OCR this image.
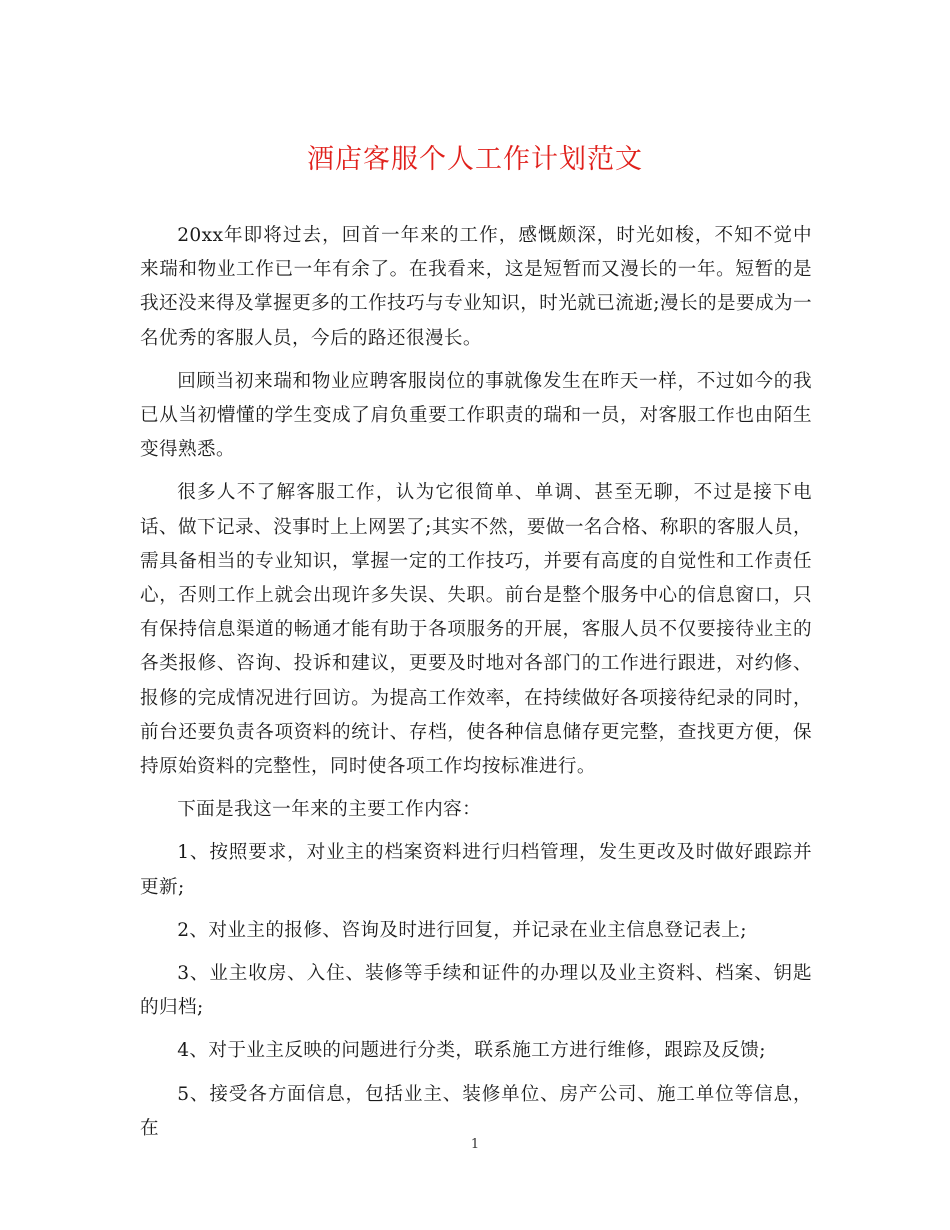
酒店客服个人工作计划范文

20xx年即将过去，回首一年来的工作，感慨颇深，时光如梭，不知不觉中来瑞和物业工作已一年有余了。在我看来，这是短暂而又漫长的一年。短暂的是我还没来得及掌握更多的工作技巧与专业知识，时光就已流逝;漫长的是要成为一名优秀的客服人员，今后的路还很漫长。

回顾当初来瑞和物业应聘客服岗位的事就像发生在昨天一样，不过如今的我已从当初懵懂的学生变成了肩负重要工作职责的瑞和一员，对客服工作也由陌生变得熟悉。

很多人不了解客服工作，认为它很简单、单调、甚至无聊，不过是接下电话、做下记录、没事时上上网罢了;其实不然，要做一名合格、称职的客服人员，需具备相当的专业知识，掌握一定的工作技巧，并要有高度的自觉性和工作责任心，否则工作上就会出现许多失误、失职。前台是整个服务中心的信息窗口，只有保持信息渠道的畅通才能有助于各项服务的开展，客服人员不仅要接待业主的各类报修、咨询、投诉和建议，更要及时地对各部门的工作进行跟进，对约修、报修的完成情况进行回访。为提高工作效率，在持续做好各项接待纪录的同时，前台还要负责各项资料的统计、存档，使各种信息储存更完整，查找更方便，保持原始资料的完整性，同时使各项工作均按标准进行。

下面是我这一年来的主要工作内容：

1、按照要求，对业主的档案资料进行归档管理，发生更改及时做好跟踪并更新;

2、对业主的报修、咨询及时进行回复，并记录在业主信息登记表上;

3、业主收房、入住、装修等手续和证件的办理以及业主资料、档案、钥匙的归档;

4、对于业主反映的问题进行分类，联系施工方进行维修，跟踪及反馈;

5、接受各方面信息，包括业主、装修单位、房产公司、施工单位等信息，在

1
